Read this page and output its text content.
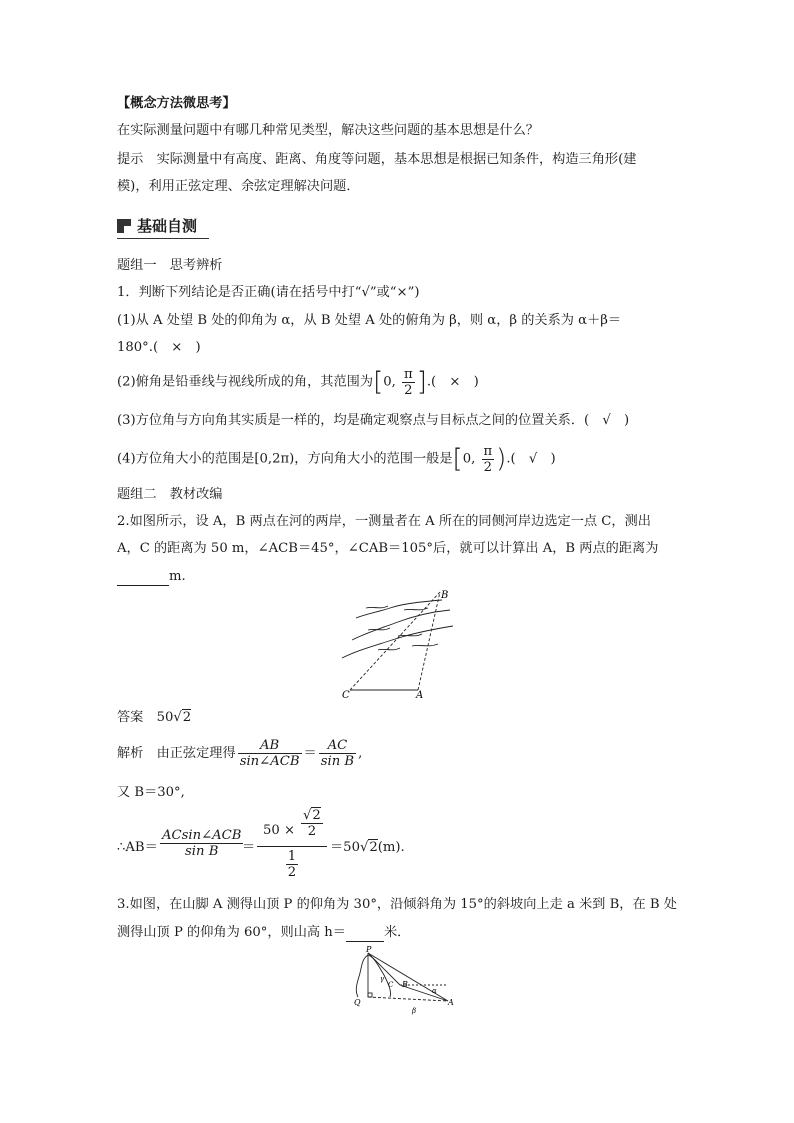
【概念方法微思考】
在实际测量问题中有哪几种常见类型，解决这些问题的基本思想是什么？
提示　 实际测量中有高度、距离、角度等问题，基本思想是根据已知条件，构造三角形(建
模)，利用正弦定理、余弦定理解决问题．
基础自测
题组一　思考辨析
1．判断下列结论是否正确(请在括号中打“√”或“×”)
(1)从 A 处望 B 处的仰角为 α，从 B 处望 A 处的俯角为 β，则 α，β 的关系为 α＋β＝
180°.(　×　)
(2)俯角是铅垂线与视线所成的角，其范围为[0, $\frac{\pi}{2}$ ].(　×　)
(3)方位角与方向角其实质是一样的，均是确定观察点与目标点之间的位置关系．(　√　)
(4)方位角大小的范围是[0,2π)，方向角大小的范围一般是[0, $\frac{\pi}{2}$ ).(　√　)
题组二　教材改编
2.如图所示，设 A，B 两点在河的两岸，一测量者在 A 所在的同侧河岸边选定一点 C，测出
A，C 的距离为 50 m，∠ACB＝45°，∠CAB＝105°后，就可以计算出 A，B 两点的距离为
m.
B
C	A
答案　 50√2
解析　 由正弦定理得 $\frac{AB}{\text{sin∠ACB}} = \frac{AC}{\text{sin B}}$ ,
又 B＝30°,
∴AB＝
ACsin∠ACB
sin B	＝
$50 \times \frac{√2}{2}$
$\frac{1}{2}$
＝50√2(m).
3.如图，在山脚 A 测得山顶 P 的仰角为 30°，沿倾斜角为 15°的斜坡向上走 a 米到 B，在 B 处
测得山顶 P 的仰角为 60°，则山高 h＝	米．
P
Q
B
A
α
β
γ
C
